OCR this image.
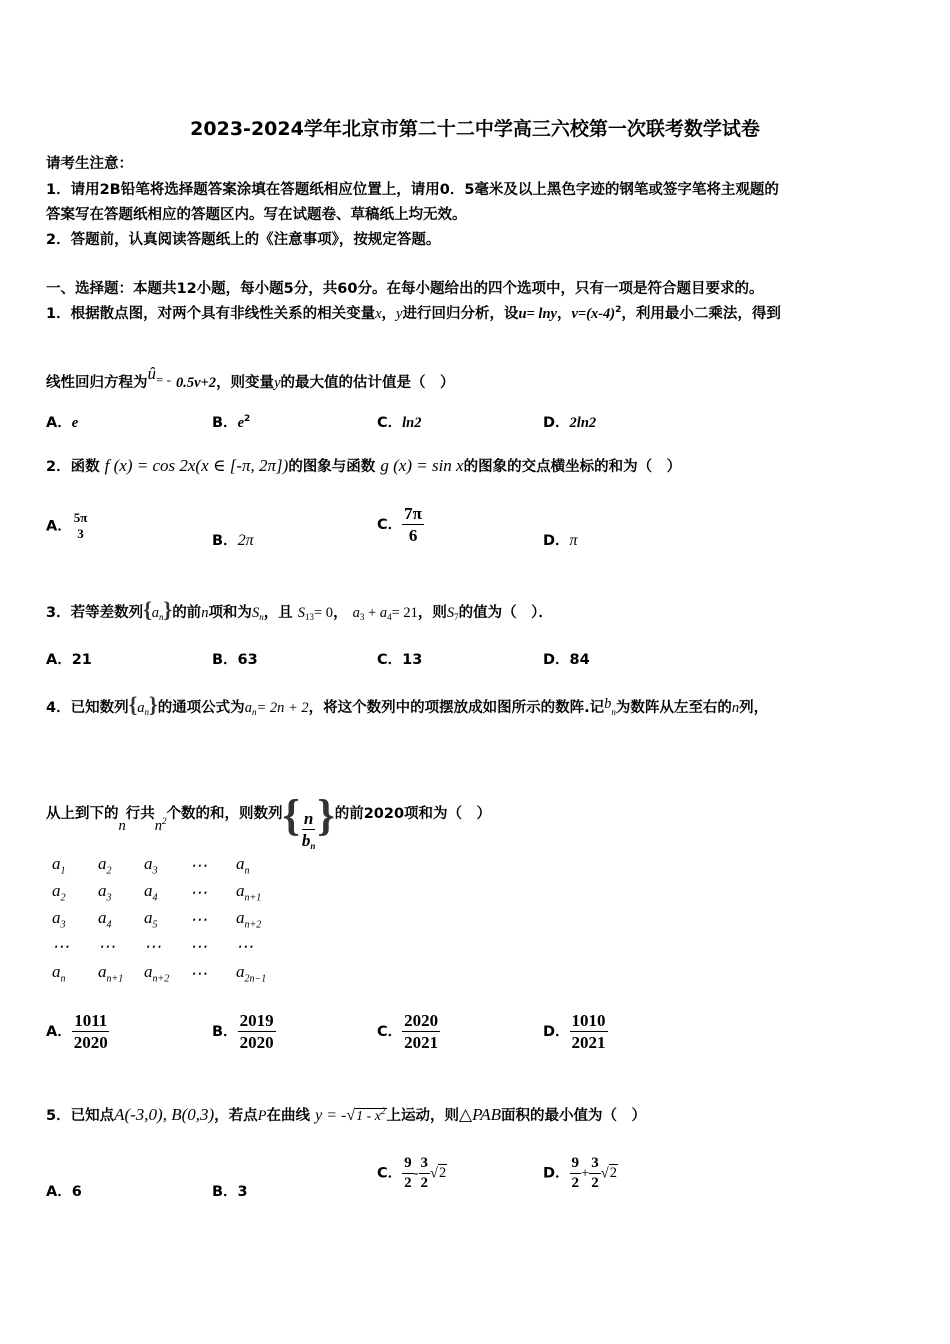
2023-2024学年北京市第二十二中学高三六校第一次联考数学试卷
请考生注意：
1．请用2B铅笔将选择题答案涂填在答题纸相应位置上，请用0．5毫米及以上黑色字迹的钢笔或签字笔将主观题的
答案写在答题纸相应的答题区内。写在试题卷、草稿纸上均无效。
2．答题前，认真阅读答题纸上的《注意事项》，按规定答题。
一、选择题：本题共12小题，每小题5分，共60分。在每小题给出的四个选项中，只有一项是符合题目要求的。
1．根据散点图，对两个具有非线性关系的相关变量x，y进行回归分析，设u= lny，$v=(x-4)^2$，利用最小二乘法，得到
线性回归方程为û= - 0.5v+2，则变量y的最大值的估计值是（　）
A．e	B．$e^2$	C．ln2	D．2ln2
2．函数 f (x) = cos 2x(x ∈ [-π, 2π])的图象与函数 g (x) = sin x的图象的交点横坐标的和为（　）
A．
5π
3	B．2π
C． $\frac{7\pi}{6}$	D．π
3．若等差数列$\{a_n\}$的前n项和为$S_n$，且 $S_{13}= 0$， $a_3 + a_4= 21$，则$S_7$的值为（　）．
A．21	B．63	C．13	D．84
4．已知数列$\{a_n\}$的通项公式为$a_n= 2n + 2$，将这个数列中的项摆放成如图所示的数阵.记$b_n$为数阵从左至右的n列，
从上到下的n行共$n^2$个数的和，则数列{ $\frac{n}{b_n}$ }的前2020项和为（　）
$a_1$	$a_2$	$a_3$	⋯	$a_n$
$a_2$	$a_3$	$a_4$	⋯	$a_{n+1}$
$a_3$	$a_4$	$a_5$	⋯	$a_{n+2}$
⋯	⋯	⋯	⋯	⋯
$a_n$	$a_{n+1}$	$a_{n+2}$	⋯	$a_{2n-1}$
A． $\frac{1011}{2020}$	B． $\frac{2019}{2020}$	C． $\frac{2020}{2021}$	D． $\frac{1010}{2021}$
5．已知点A(-3,0), B(0,3)，若点P在曲线 $y = -√1 - x^2$上运动，则△PAB面积的最小值为（　）
A．6	B．3
C． $\frac{9}{2} - \frac{3}{2} √2$	D． $\frac{9}{2} + \frac{3}{2} √2$
